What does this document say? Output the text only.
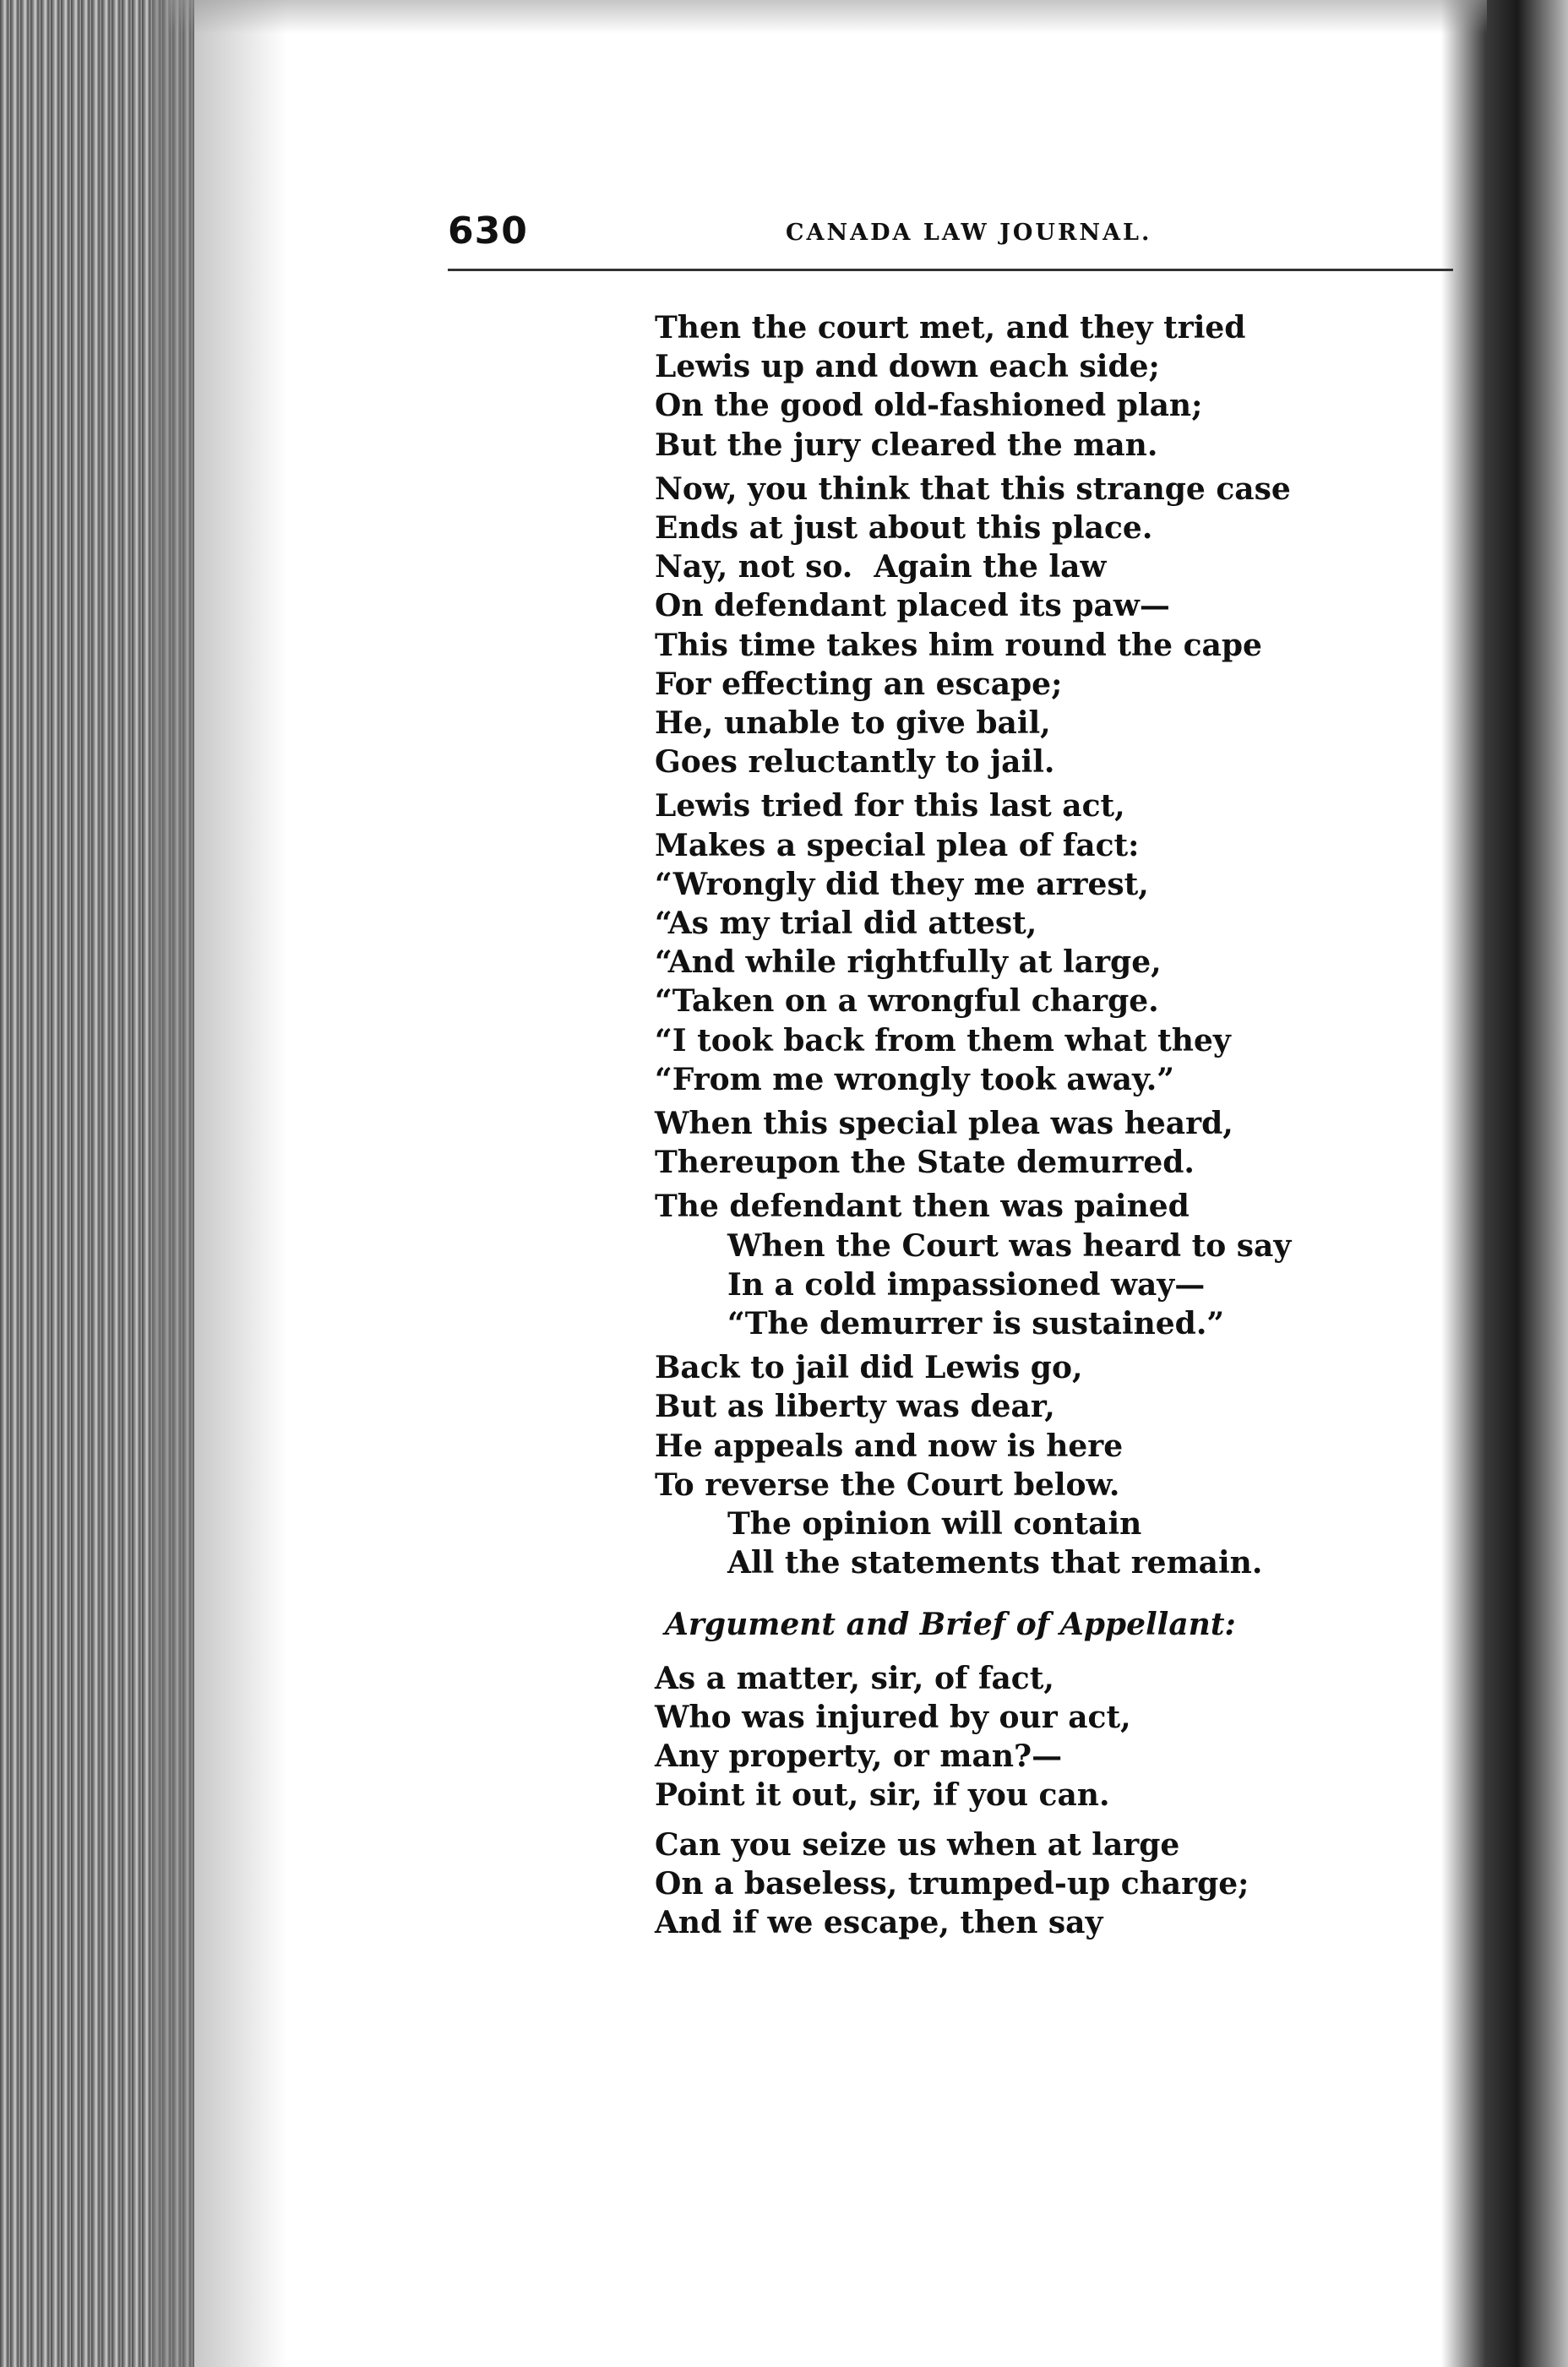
630	CANADA LAW JOURNAL.
Then the court met, and they tried
Lewis up and down each side;
On the good old-fashioned plan;
But the jury cleared the man.
Now, you think that this strange case
Ends at just about this place.
Nay, not so.  Again the law
On defendant placed its paw—
This time takes him round the cape
For effecting an escape;
He, unable to give bail,
Goes reluctantly to jail.
Lewis tried for this last act,
Makes a special plea of fact:
“Wrongly did they me arrest,
“As my trial did attest,
“And while rightfully at large,
“Taken on a wrongful charge.
“I took back from them what they
“From me wrongly took away.”
When this special plea was heard,
Thereupon the State demurred.
The defendant then was pained
When the Court was heard to say
In a cold impassioned way—
“The demurrer is sustained.”
Back to jail did Lewis go,
But as liberty was dear,
He appeals and now is here
To reverse the Court below.
The opinion will contain
All the statements that remain.
Argument and Brief of Appellant:
As a matter, sir, of fact,
Who was injured by our act,
Any property, or man?—
Point it out, sir, if you can.
Can you seize us when at large
On a baseless, trumped-up charge;
And if we escape, then say
